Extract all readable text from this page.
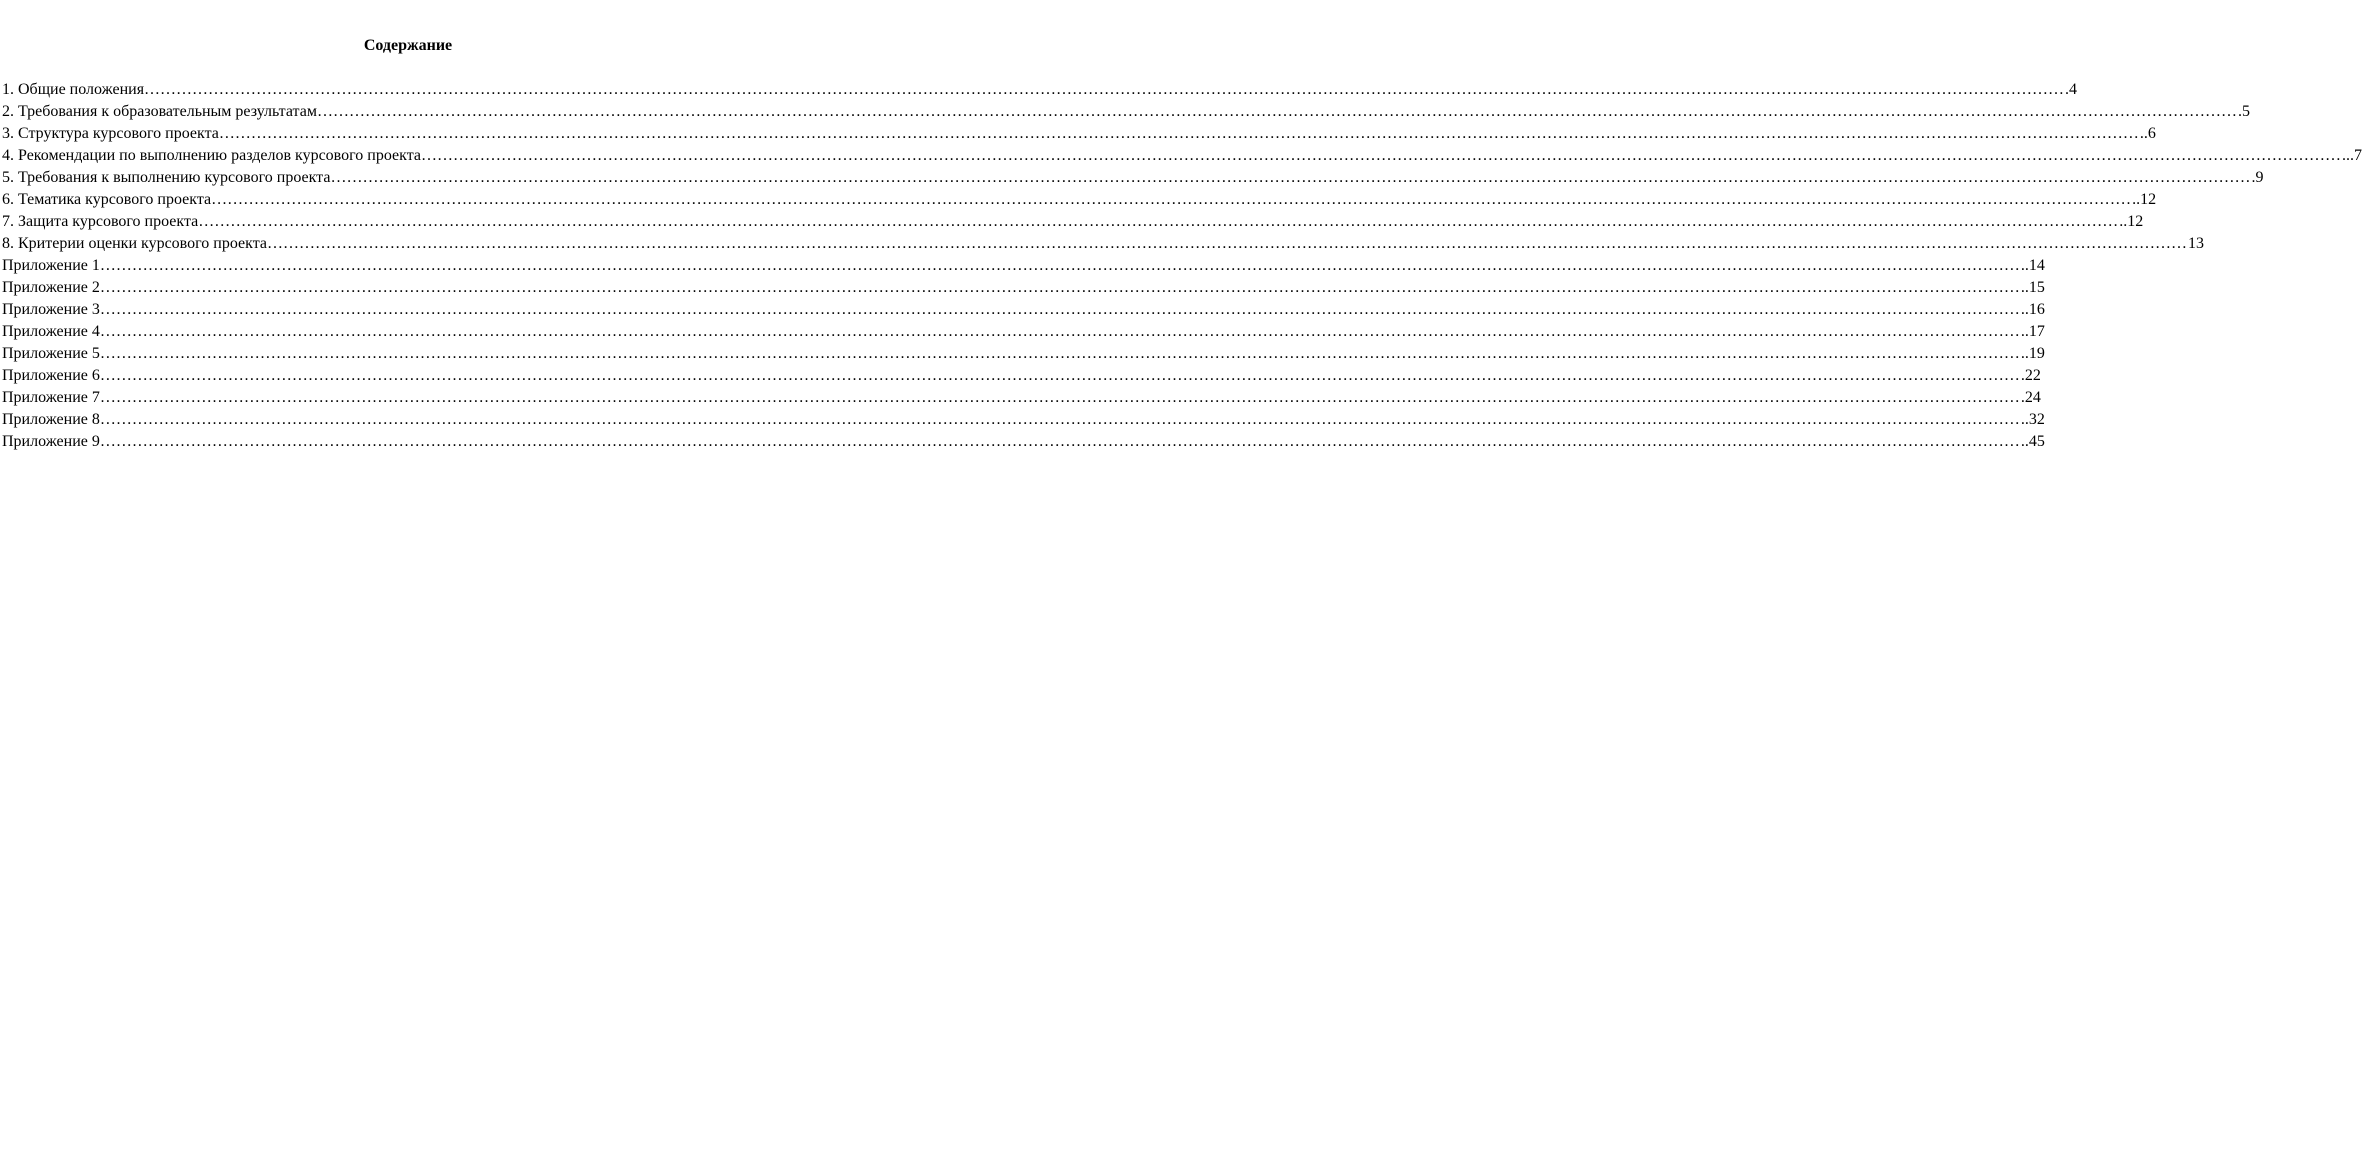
Содержание
1. Общие положения ……………………………………………………………………………………………………………………………………………………………………………………………………………………………………………………………………………………………………………………………… .4
2. Требования к образовательным результатам ……………………………………………………………………………………………………………………………………………………………………………………………………………………………………………………………………………………………………………………………… .5
3. Структура курсового проекта ……………………………………………………………………………………………………………………………………………………………………………………………………………………………………………………………………………………………………………………………… ..6
4. Рекомендации по выполнению разделов курсового проекта ……………………………………………………………………………………………………………………………………………………………………………………………………………………………………………………………………………………………………………………………… ...7
5. Требования к выполнению курсового проекта ……………………………………………………………………………………………………………………………………………………………………………………………………………………………………………………………………………………………………………………………… .9
6. Тематика курсового проекта ……………………………………………………………………………………………………………………………………………………………………………………………………………………………………………………………………………………………………………………………… ..12
7. Защита курсового проекта ……………………………………………………………………………………………………………………………………………………………………………………………………………………………………………………………………………………………………………………………… ..12
8. Критерии оценки курсового проекта ……………………………………………………………………………………………………………………………………………………………………………………………………………………………………………………………………………………………………………………………… 13
Приложение 1 ……………………………………………………………………………………………………………………………………………………………………………………………………………………………………………………………………………………………………………………………… ..14
Приложение 2 ……………………………………………………………………………………………………………………………………………………………………………………………………………………………………………………………………………………………………………………………… ..15
Приложение 3 ……………………………………………………………………………………………………………………………………………………………………………………………………………………………………………………………………………………………………………………………… ..16
Приложение 4 ……………………………………………………………………………………………………………………………………………………………………………………………………………………………………………………………………………………………………………………………… ..17
Приложение 5 ……………………………………………………………………………………………………………………………………………………………………………………………………………………………………………………………………………………………………………………………… ..19
Приложение 6 ……………………………………………………………………………………………………………………………………………………………………………………………………………………………………………………………………………………………………………………………… .22
Приложение 7 ……………………………………………………………………………………………………………………………………………………………………………………………………………………………………………………………………………………………………………………………… .24
Приложение 8 ……………………………………………………………………………………………………………………………………………………………………………………………………………………………………………………………………………………………………………………………… ..32
Приложение 9 ……………………………………………………………………………………………………………………………………………………………………………………………………………………………………………………………………………………………………………………………… ..45
